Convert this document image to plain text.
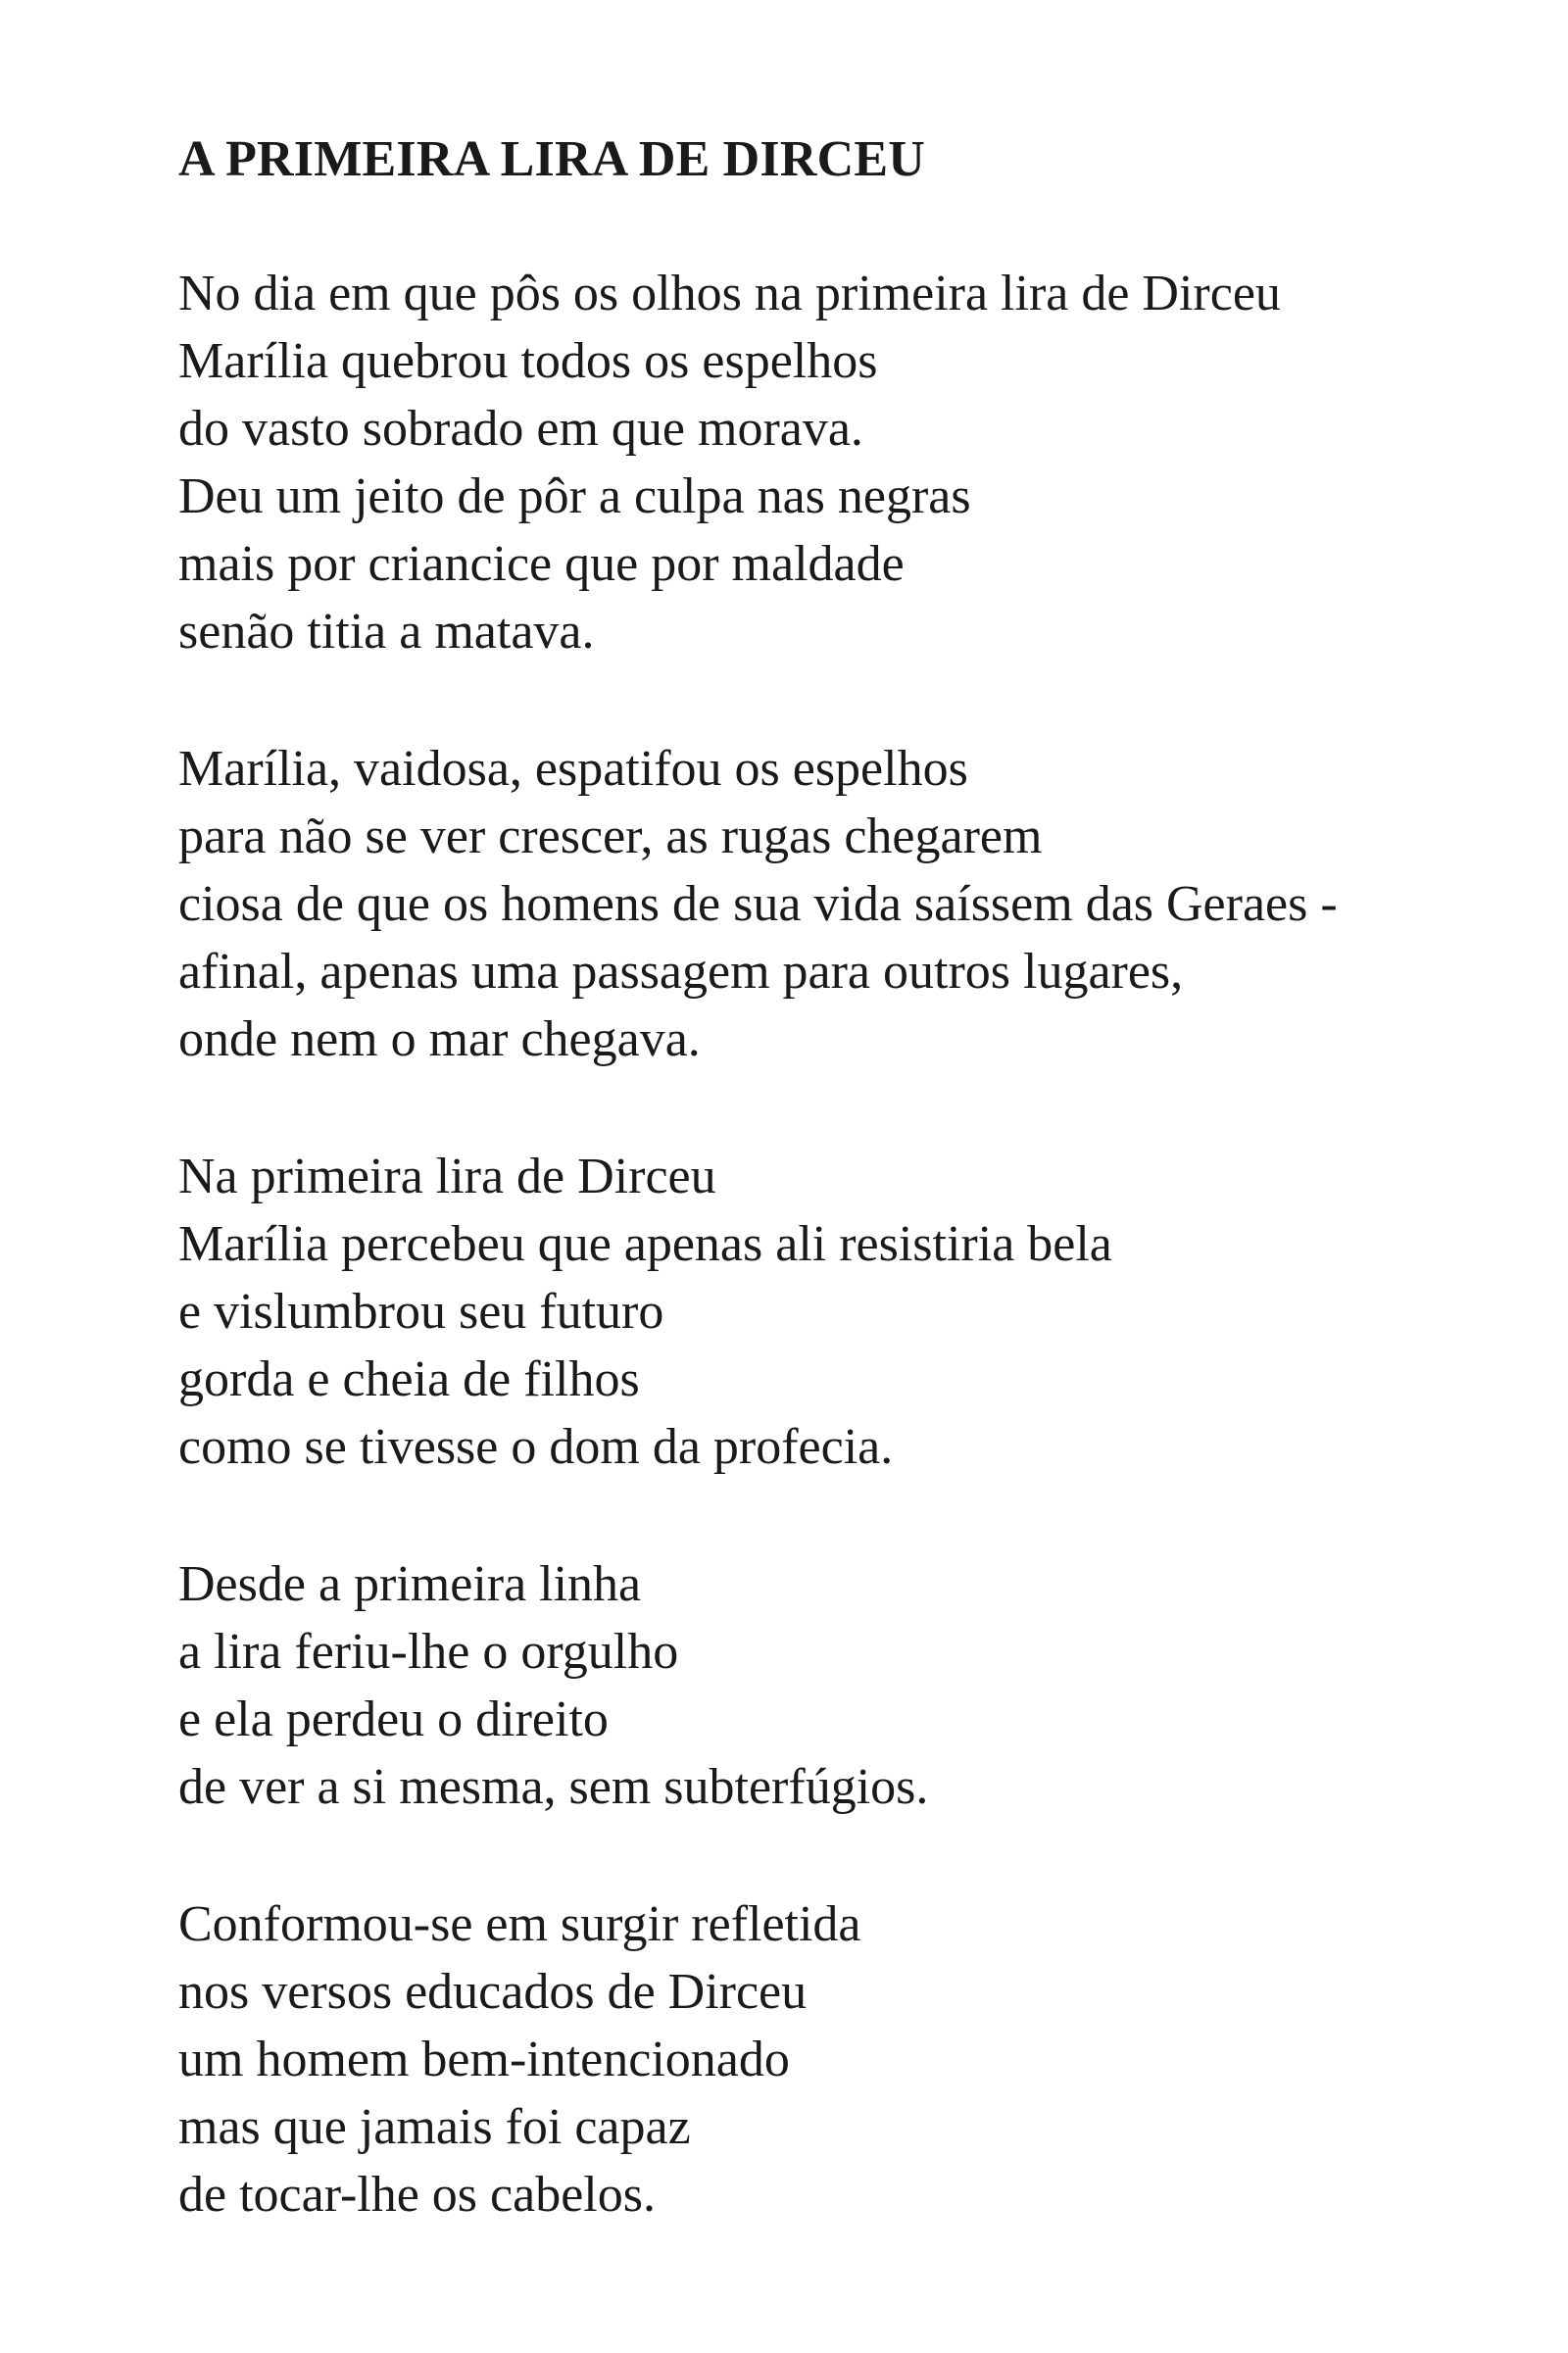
A PRIMEIRA LIRA DE DIRCEU

No dia em que pôs os olhos na primeira lira de Dirceu
Marília quebrou todos os espelhos
do vasto sobrado em que morava.
Deu um jeito de pôr a culpa nas negras
mais por criancice que por maldade
senão titia a matava.

Marília, vaidosa, espatifou os espelhos
para não se ver crescer, as rugas chegarem
ciosa de que os homens de sua vida saíssem das Geraes -
afinal, apenas uma passagem para outros lugares,
onde nem o mar chegava.

Na primeira lira de Dirceu
Marília percebeu que apenas ali resistiria bela
e vislumbrou seu futuro
gorda e cheia de filhos
como se tivesse o dom da profecia.

Desde a primeira linha
a lira feriu-lhe o orgulho
e ela perdeu o direito
de ver a si mesma, sem subterfúgios.

Conformou-se em surgir refletida
nos versos educados de Dirceu
um homem bem-intencionado
mas que jamais foi capaz
de tocar-lhe os cabelos.
